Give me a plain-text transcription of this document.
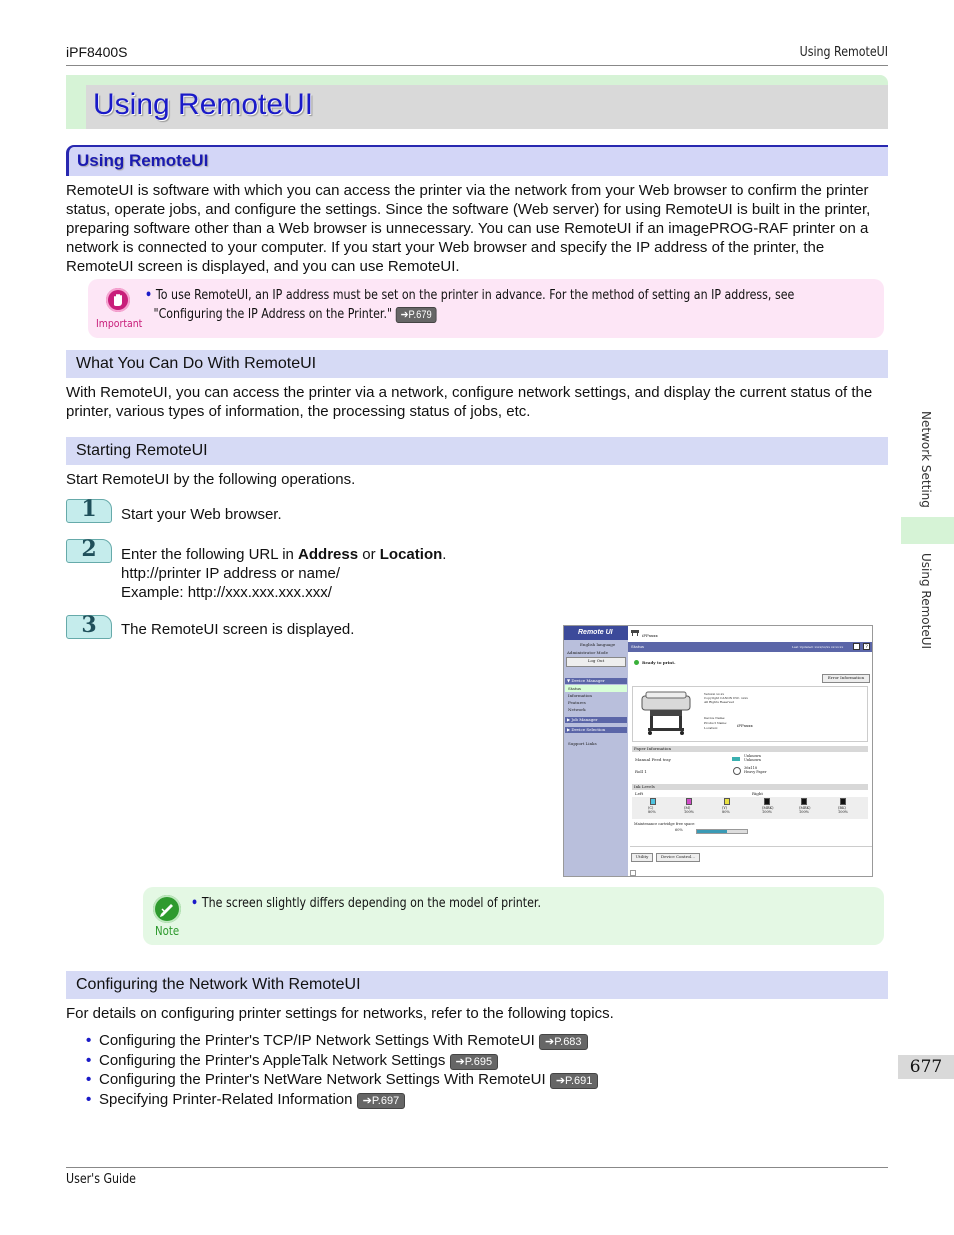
iPF8400S	Using RemoteUI
Using RemoteUI
Using RemoteUI
RemoteUI is software with which you can access the printer via the network from your Web browser to confirm the printer status, operate jobs, and configure the settings. Since the software (Web server) for using RemoteUI is built in the printer, preparing software other than a Web browser is unnecessary. You can use RemoteUI if an imagePROG-RAF printer on a network is connected to your computer. If you start your Web browser and specify the IP address of the printer, the RemoteUI screen is displayed, and you can use RemoteUI.
Important
• To use RemoteUI, an IP address must be set on the printer in advance. For the method of setting an IP address, see
"Configuring the IP Address on the Printer." ➔P.679
What You Can Do With RemoteUI
With RemoteUI, you can access the printer via a network, configure network settings, and display the current status of the printer, various types of information, the processing status of jobs, etc.
Starting RemoteUI
Start RemoteUI by the following operations.
1	Start your Web browser.
2	Enter the following URL in Address or Location.
http://printer IP address or name/
Example: http://xxx.xxx.xxx.xxx/
3	The RemoteUI screen is displayed.	Remote UI
English language
Administrator Mode
Log Out
▼ Device Manager
Status
Information
Features
Network
▶ Job Manager
▶ Device Selection
Support Links
iPFxxxx
Status	Last Updated: xxxx/xx/xx xx:xx:xx	?
Ready to print.
Error Information
Version xx.xx
Copyright CANON INC. xxxx
All Rights Reserved
Device Name:
Product Name:
Location:	iPFxxxx
Paper Information
Manual Feed tray
Unknown
Unknown
Roll 1
36x118
Heavy Paper
Ink Levels
Left	Right
(C)
80%
(M)
100%
(Y)
80%
(MBK)
100%
(MBK)
100%
(BK)
100%
Maintenance cartridge free space:
60%
Utility	Device Control...
Note
• The screen slightly differs depending on the model of printer.
Configuring the Network With RemoteUI
For details on configuring printer settings for networks, refer to the following topics.
• Configuring the Printer's TCP/IP Network Settings With RemoteUI ➔P.683
• Configuring the Printer's AppleTalk Network Settings ➔P.695
• Configuring the Printer's NetWare Network Settings With RemoteUI ➔P.691
• Specifying Printer-Related Information ➔P.697
Network Setting
Using RemoteUI
677
User's Guide
